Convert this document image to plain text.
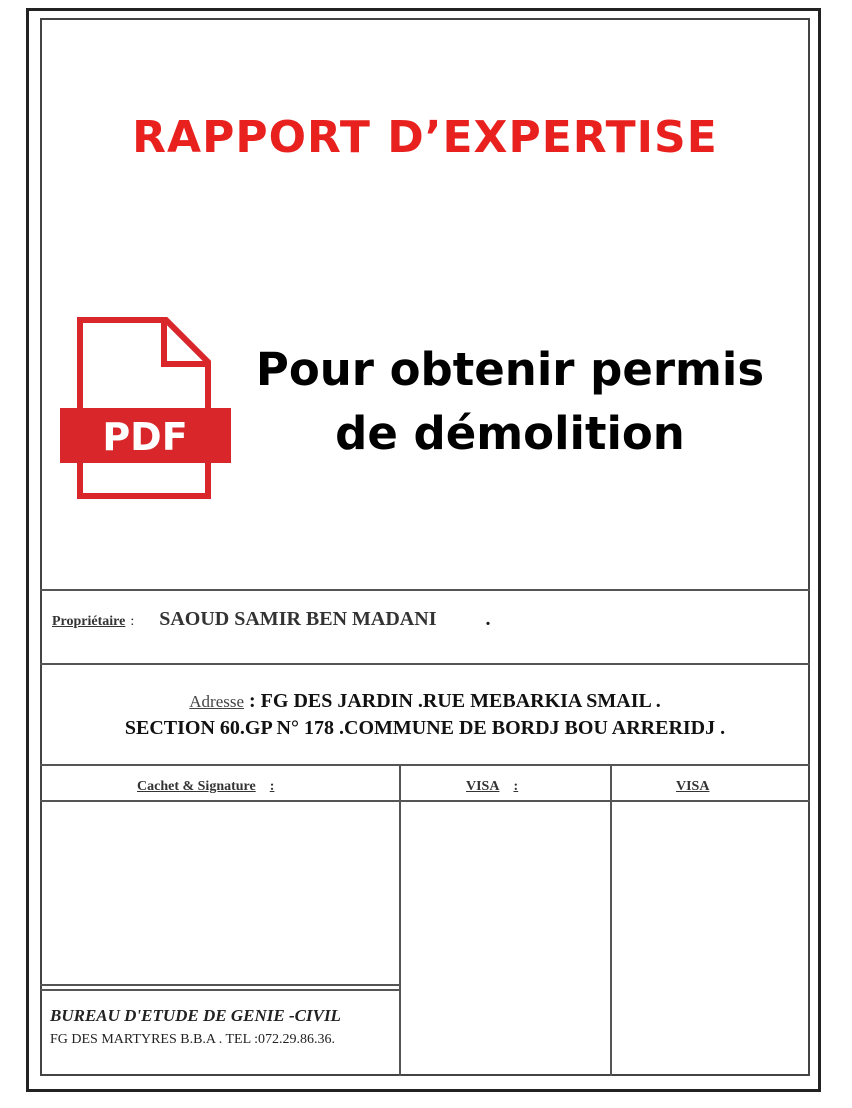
RAPPORT D’EXPERTISE
PDF
Pour obtenir permis
de démolition
Propriétaire : SAOUD SAMIR BEN MADANI .
Adresse : FG DES JARDIN .RUE MEBARKIA SMAIL .
SECTION 60.GP N° 178 .COMMUNE DE BORDJ BOU ARRERIDJ .
Cachet & Signature :	VISA :	VISA
BUREAU D'ETUDE DE GENIE -CIVIL
FG DES MARTYRES B.B.A . TEL :072.29.86.36.
